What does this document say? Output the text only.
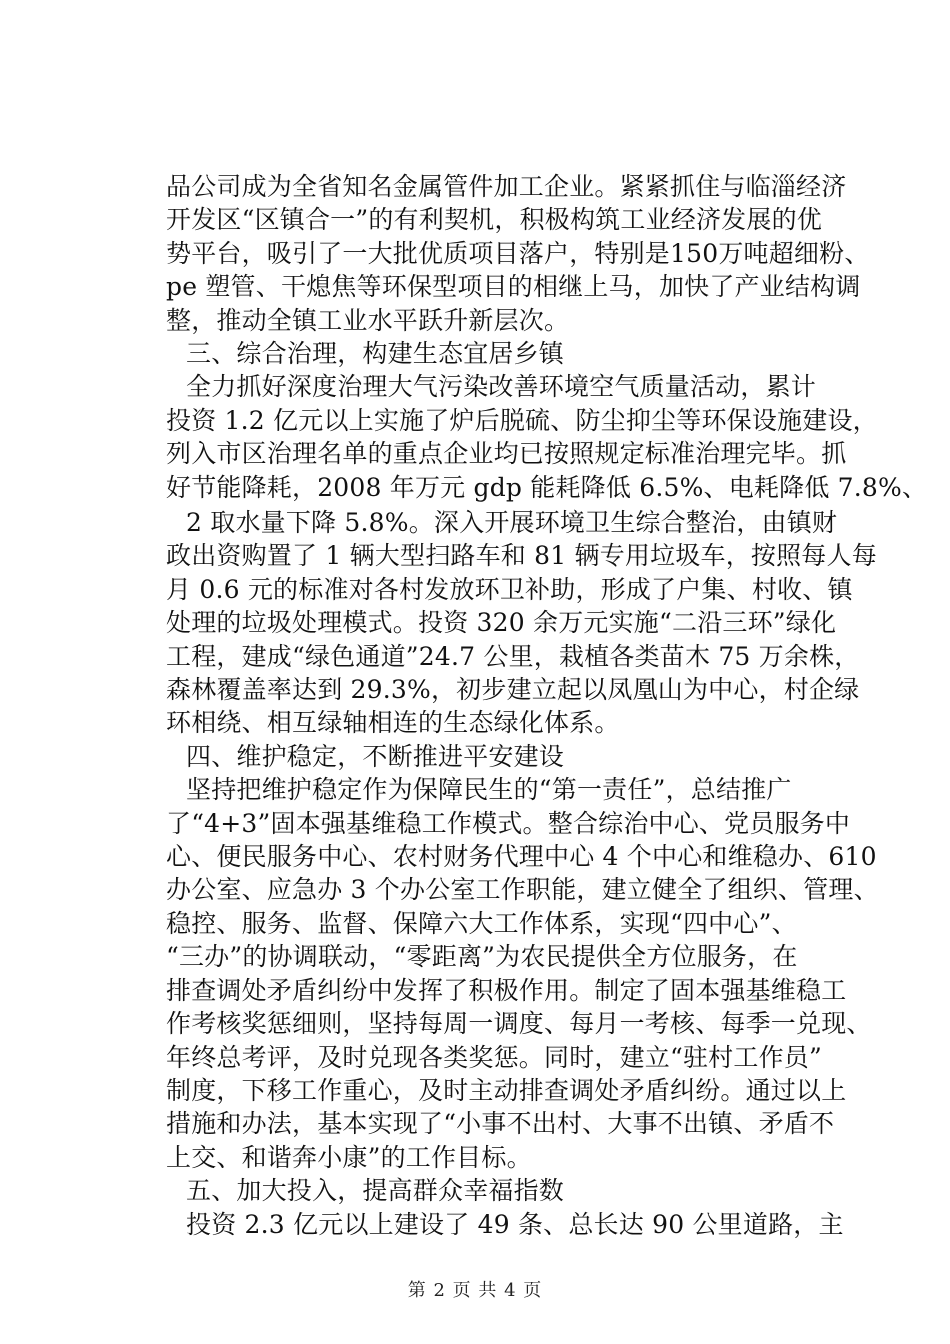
品公司成为全省知名金属管件加工企业。紧紧抓住与临淄经济
开发区“区镇合一”的有利契机，积极构筑工业经济发展的优
势平台，吸引了一大批优质项目落户，特别是150万吨超细粉、
pe 塑管、干熄焦等环保型项目的相继上马，加快了产业结构调
整，推动全镇工业水平跃升新层次。
三、综合治理，构建生态宜居乡镇
全力抓好深度治理大气污染改善环境空气质量活动，累计
投资 1.2 亿元以上实施了炉后脱硫、防尘抑尘等环保设施建设，
列入市区治理名单的重点企业均已按照规定标准治理完毕。抓
好节能降耗，2008 年万元 gdp 能耗降低 6.5%、电耗降低 7.8%、
2 取水量下降 5.8%。深入开展环境卫生综合整治，由镇财
政出资购置了 1 辆大型扫路车和 81 辆专用垃圾车，按照每人每
月 0.6 元的标准对各村发放环卫补助，形成了户集、村收、镇
处理的垃圾处理模式。投资 320 余万元实施“二沿三环”绿化
工程，建成“绿色通道”24.7 公里，栽植各类苗木 75 万余株，
森林覆盖率达到 29.3%，初步建立起以凤凰山为中心，村企绿
环相绕、相互绿轴相连的生态绿化体系。
四、维护稳定，不断推进平安建设
坚持把维护稳定作为保障民生的“第一责任”，总结推广
了“4+3”固本强基维稳工作模式。整合综治中心、党员服务中
心、便民服务中心、农村财务代理中心 4 个中心和维稳办、610
办公室、应急办 3 个办公室工作职能，建立健全了组织、管理、
稳控、服务、监督、保障六大工作体系，实现“四中心”、
“三办”的协调联动，“零距离”为农民提供全方位服务，在
排查调处矛盾纠纷中发挥了积极作用。制定了固本强基维稳工
作考核奖惩细则，坚持每周一调度、每月一考核、每季一兑现、
年终总考评，及时兑现各类奖惩。同时，建立“驻村工作员”
制度，下移工作重心，及时主动排查调处矛盾纠纷。通过以上
措施和办法，基本实现了“小事不出村、大事不出镇、矛盾不
上交、和谐奔小康”的工作目标。
五、加大投入，提高群众幸福指数
投资 2.3 亿元以上建设了 49 条、总长达 90 公里道路，主
第 2 页 共 4 页
